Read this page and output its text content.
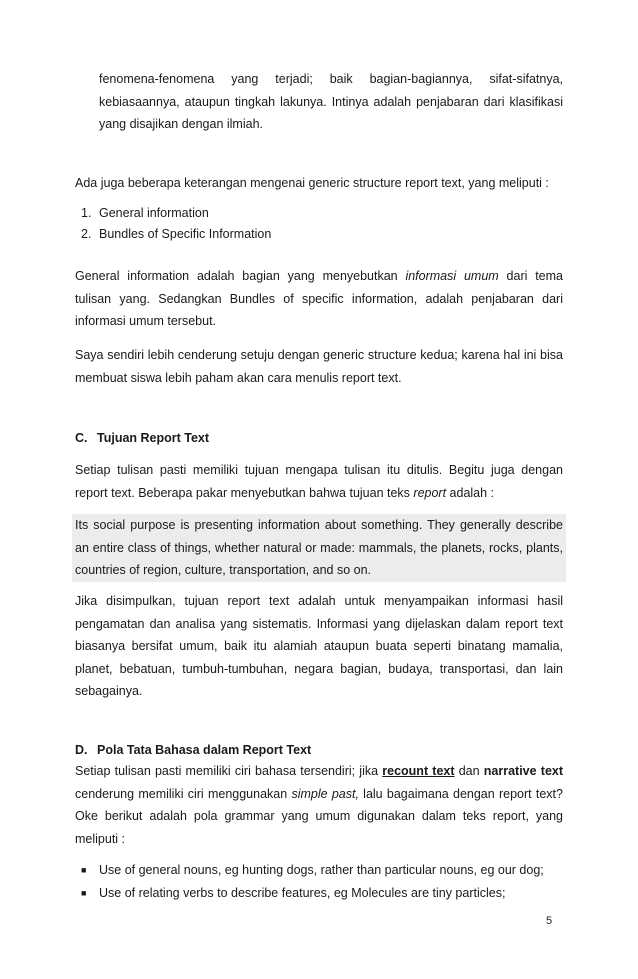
fenomena-fenomena yang terjadi; baik bagian-bagiannya, sifat-sifatnya, kebiasaannya, ataupun tingkah lakunya. Intinya adalah penjabaran dari klasifikasi yang disajikan dengan ilmiah.

Ada juga beberapa keterangan mengenai generic structure report text, yang meliputi :

1. General information
2. Bundles of Specific Information

General information adalah bagian yang menyebutkan informasi umum dari tema tulisan yang. Sedangkan Bundles of specific information, adalah penjabaran dari informasi umum tersebut.

Saya sendiri lebih cenderung setuju dengan generic structure kedua; karena hal ini bisa membuat siswa lebih paham akan cara menulis report text.

C. Tujuan Report Text

Setiap tulisan pasti memiliki tujuan mengapa tulisan itu ditulis. Begitu juga dengan report text. Beberapa pakar menyebutkan bahwa tujuan teks report adalah :

Its social purpose is presenting information about something. They generally describe an entire class of things, whether natural or made: mammals, the planets, rocks, plants, countries of region, culture, transportation, and so on.

Jika disimpulkan, tujuan report text adalah untuk menyampaikan informasi hasil pengamatan dan analisa yang sistematis. Informasi yang dijelaskan dalam report text biasanya bersifat umum, baik itu alamiah ataupun buata seperti binatang mamalia, planet, bebatuan, tumbuh-tumbuhan, negara bagian, budaya, transportasi, dan lain sebagainya.

D. Pola Tata Bahasa dalam Report Text

Setiap tulisan pasti memiliki ciri bahasa tersendiri; jika recount text dan narrative text cenderung memiliki ciri menggunakan simple past, lalu bagaimana dengan report text? Oke berikut adalah pola grammar yang umum digunakan dalam teks report, yang meliputi :

■ Use of general nouns, eg hunting dogs, rather than particular nouns, eg our dog;
■ Use of relating verbs to describe features, eg Molecules are tiny particles;
5
